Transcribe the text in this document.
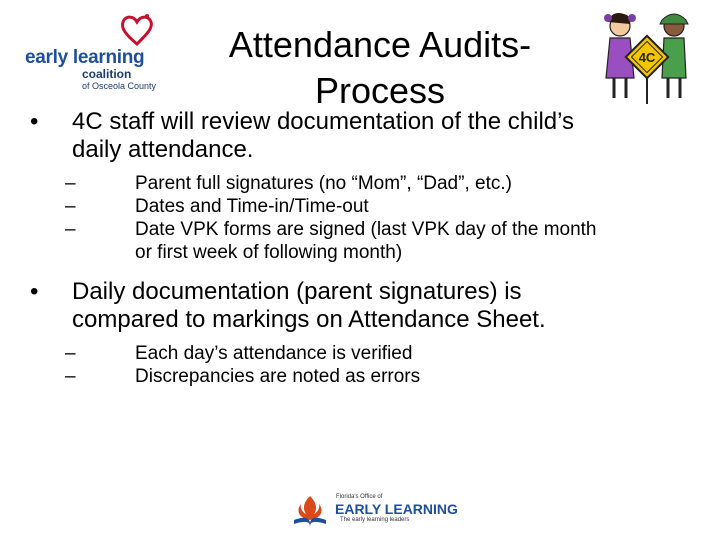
early learning
coalition
of Osceola County
Attendance Audits-
Process
4C
• 4C staff will review documentation of the child’s
daily attendance.
–	Parent full signatures (no “Mom”, “Dad”, etc.)
–	Dates and Time-in/Time-out
–	Date VPK forms are signed (last VPK day of the month
or first week of following month)
• Daily documentation (parent signatures) is
compared to markings on Attendance Sheet.
–	Each day’s attendance is verified
–	Discrepancies are noted as errors
Florida's Office of
EARLY LEARNING
The early learning leaders
